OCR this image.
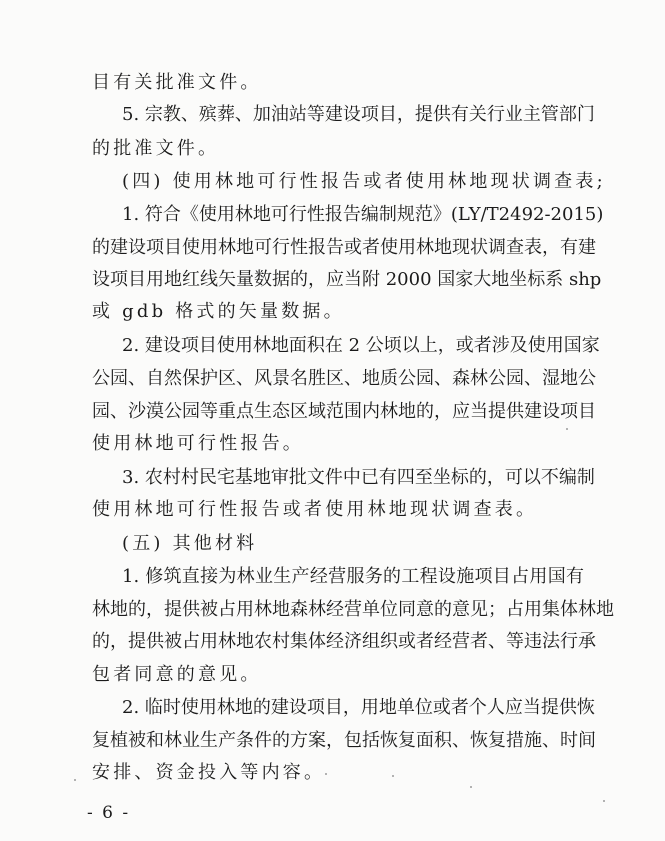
目有关批准文件。
5. 宗教、殡葬、加油站等建设项目，提供有关行业主管部门
的批准文件。
(四) 使用林地可行性报告或者使用林地现状调查表;
1. 符合《使用林地可行性报告编制规范》(LY/T2492-2015)
的建设项目使用林地可行性报告或者使用林地现状调查表，有建
设项目用地红线矢量数据的，应当附 2000 国家大地坐标系 shp
或 gdb 格式的矢量数据。
2. 建设项目使用林地面积在 2 公顷以上，或者涉及使用国家
公园、自然保护区、风景名胜区、地质公园、森林公园、湿地公
园、沙漠公园等重点生态区域范围内林地的，应当提供建设项目
使用林地可行性报告。
3. 农村村民宅基地审批文件中已有四至坐标的，可以不编制
使用林地可行性报告或者使用林地现状调查表。
(五) 其他材料
1. 修筑直接为林业生产经营服务的工程设施项目占用国有
林地的，提供被占用林地森林经营单位同意的意见；占用集体林地
的，提供被占用林地农村集体经济组织或者经营者、等违法行承
包者同意的意见。
2. 临时使用林地的建设项目，用地单位或者个人应当提供恢
复植被和林业生产条件的方案，包括恢复面积、恢复措施、时间
安排、资金投入等内容。
- 6 -
